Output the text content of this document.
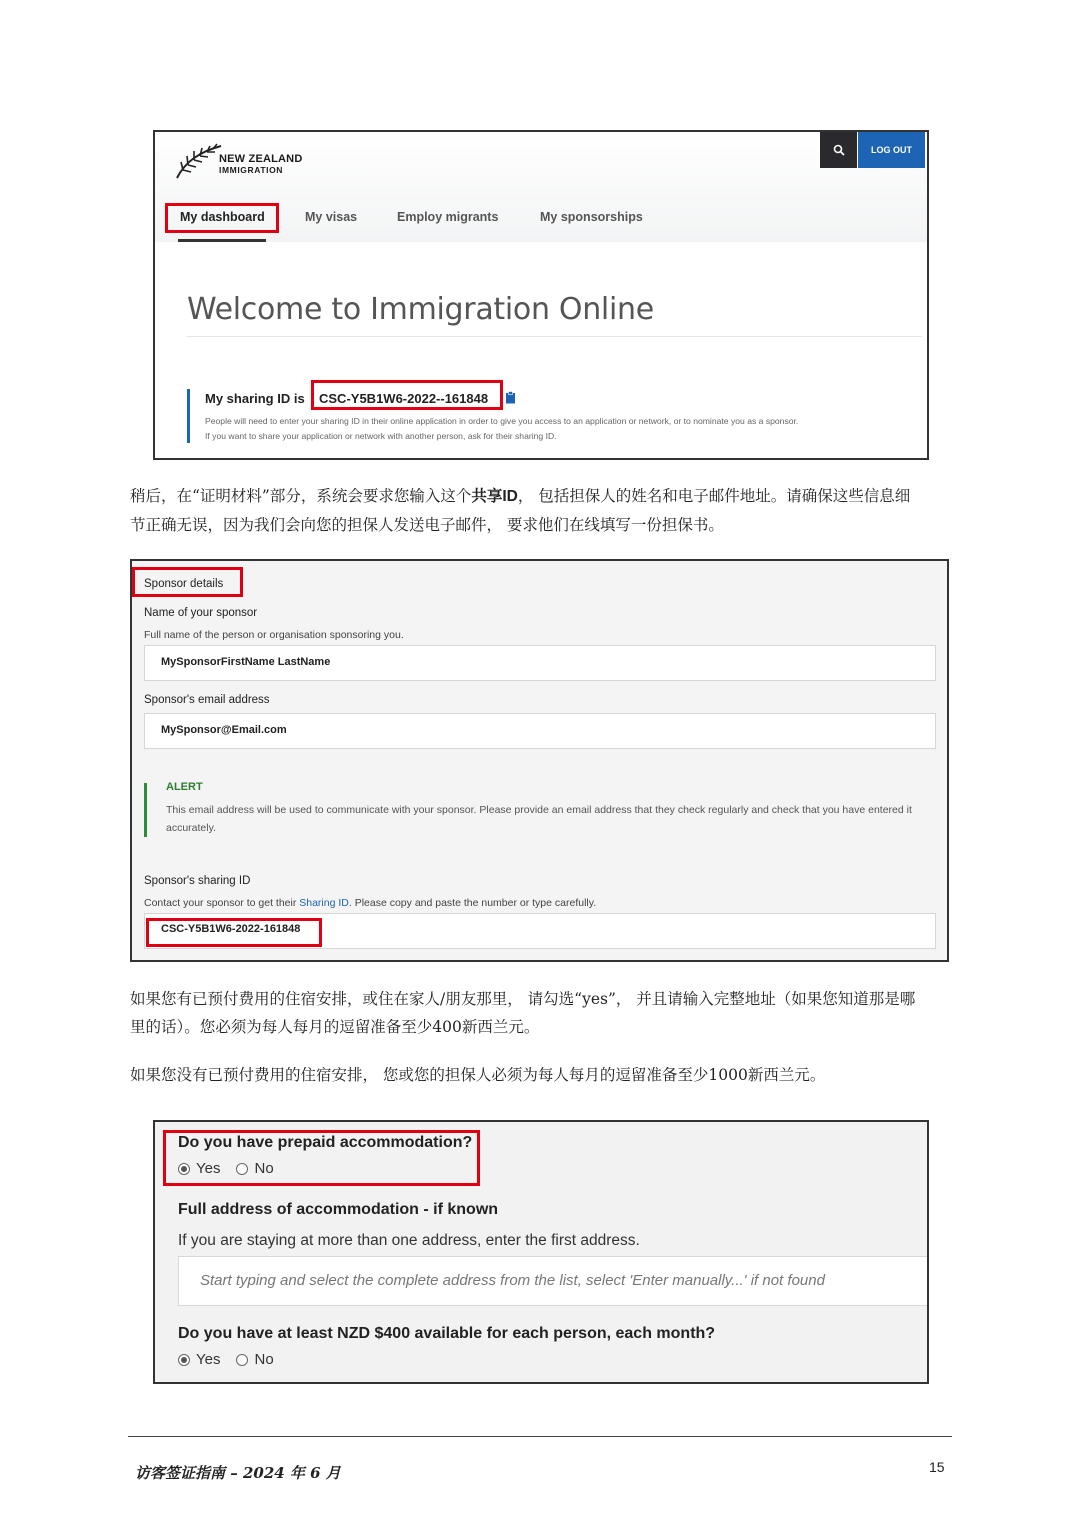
NEW ZEALAND
IMMIGRATION
LOG OUT
My dashboard	My visas	Employ migrants	My sponsorships
Welcome to Immigration Online
My sharing ID is CSC-Y5B1W6-2022--161848
People will need to enter your sharing ID in their online application in order to give you access to an application or network, or to nominate you as a sponsor.
If you want to share your application or network with another person, ask for their sharing ID.
稍后，在“证明材料”部分，系统会要求您输入这个共享ID， 包括担保人的姓名和电子邮件地址。请确保这些信息细
节正确无误，因为我们会向您的担保人发送电子邮件， 要求他们在线填写一份担保书。
Sponsor details
Name of your sponsor
Full name of the person or organisation sponsoring you.
MySponsorFirstName LastName
Sponsor's email address
MySponsor@Email.com
ALERT
This email address will be used to communicate with your sponsor. Please provide an email address that they check regularly and check that you have entered it accurately.
Sponsor's sharing ID
Contact your sponsor to get their Sharing ID. Please copy and paste the number or type carefully.
CSC-Y5B1W6-2022-161848
如果您有已预付费用的住宿安排，或住在家人/朋友那里， 请勾选“yes”， 并且请输入完整地址（如果您知道那是哪
里的话）。您必须为每人每月的逗留准备至少400新西兰元。
如果您没有已预付费用的住宿安排， 您或您的担保人必须为每人每月的逗留准备至少1000新西兰元。
Do you have prepaid accommodation?
Yes No
Full address of accommodation - if known
If you are staying at more than one address, enter the first address.
Start typing and select the complete address from the list, select 'Enter manually...' if not found
Do you have at least NZD $400 available for each person, each month?
Yes No
访客签证指南 – 2024 年 6 月	15
